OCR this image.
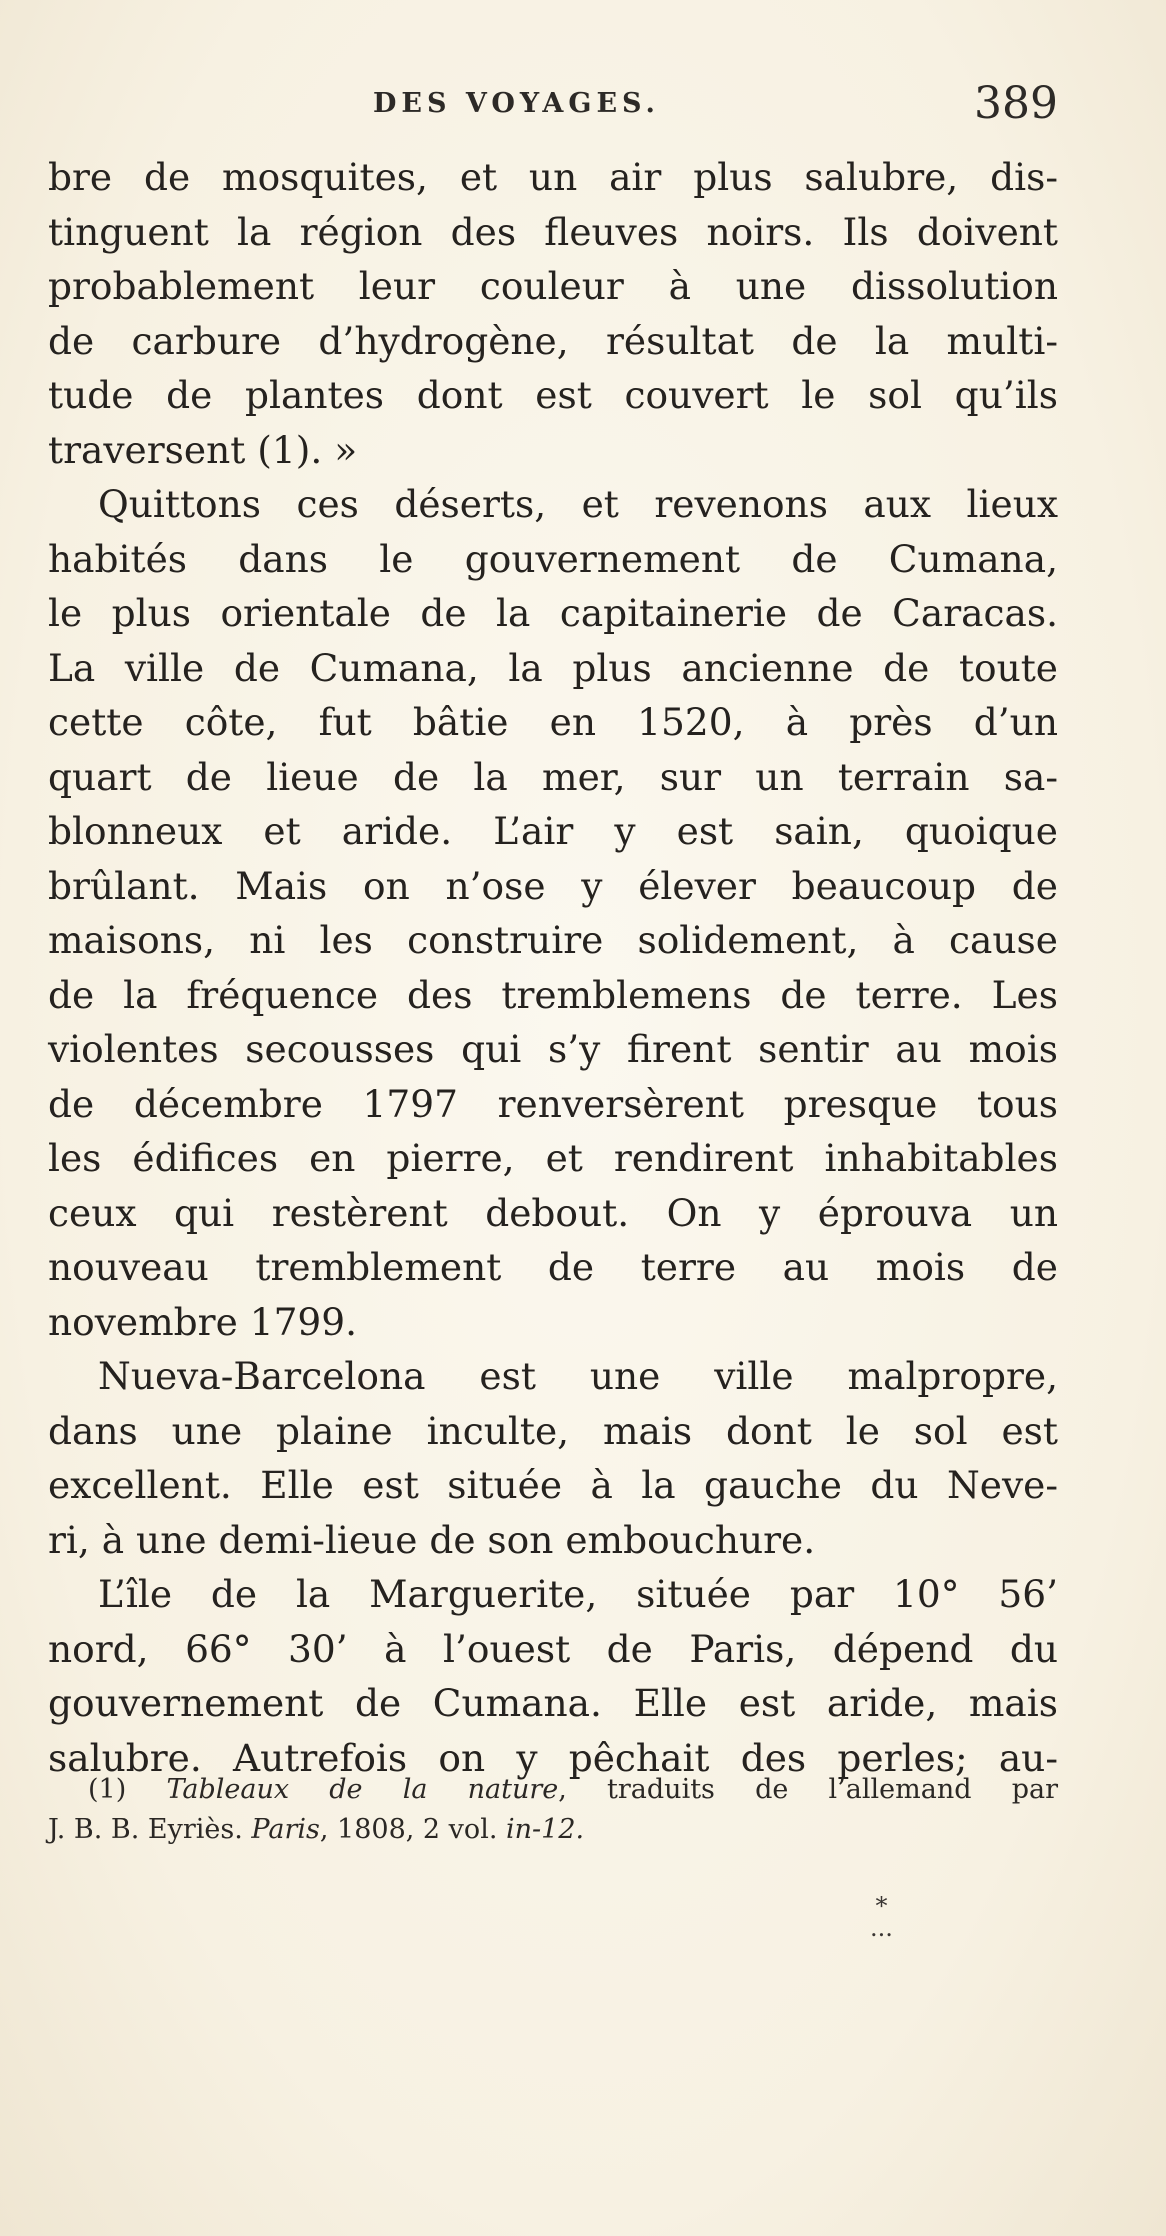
DES VOYAGES.	389
bre de mosquites, et un air plus salubre, dis-
tinguent la région des fleuves noirs. Ils doivent
probablement leur couleur à une dissolution
de carbure d’hydrogène, résultat de la multi-
tude de plantes dont est couvert le sol qu’ils
traversent (1). »
Quittons ces déserts, et revenons aux lieux
habités dans le gouvernement de Cumana,
le plus orientale de la capitainerie de Caracas.
La ville de Cumana, la plus ancienne de toute
cette côte, fut bâtie en 1520, à près d’un
quart de lieue de la mer, sur un terrain sa-
blonneux et aride. L’air y est sain, quoique
brûlant. Mais on n’ose y élever beaucoup de
maisons, ni les construire solidement, à cause
de la fréquence des tremblemens de terre. Les
violentes secousses qui s’y firent sentir au mois
de décembre 1797 renversèrent presque tous
les édifices en pierre, et rendirent inhabitables
ceux qui restèrent debout. On y éprouva un
nouveau tremblement de terre au mois de
novembre 1799.
Nueva-Barcelona est une ville malpropre,
dans une plaine inculte, mais dont le sol est
excellent. Elle est située à la gauche du Neve-
ri, à une demi-lieue de son embouchure.
L’île de la Marguerite, située par 10° 56’
nord, 66° 30’ à l’ouest de Paris, dépend du
gouvernement de Cumana. Elle est aride, mais
salubre. Autrefois on y pêchait des perles; au-
(1) Tableaux de la nature, traduits de l’allemand par
J. B. B. Eyriès. Paris, 1808, 2 vol. in-12.
*
...
